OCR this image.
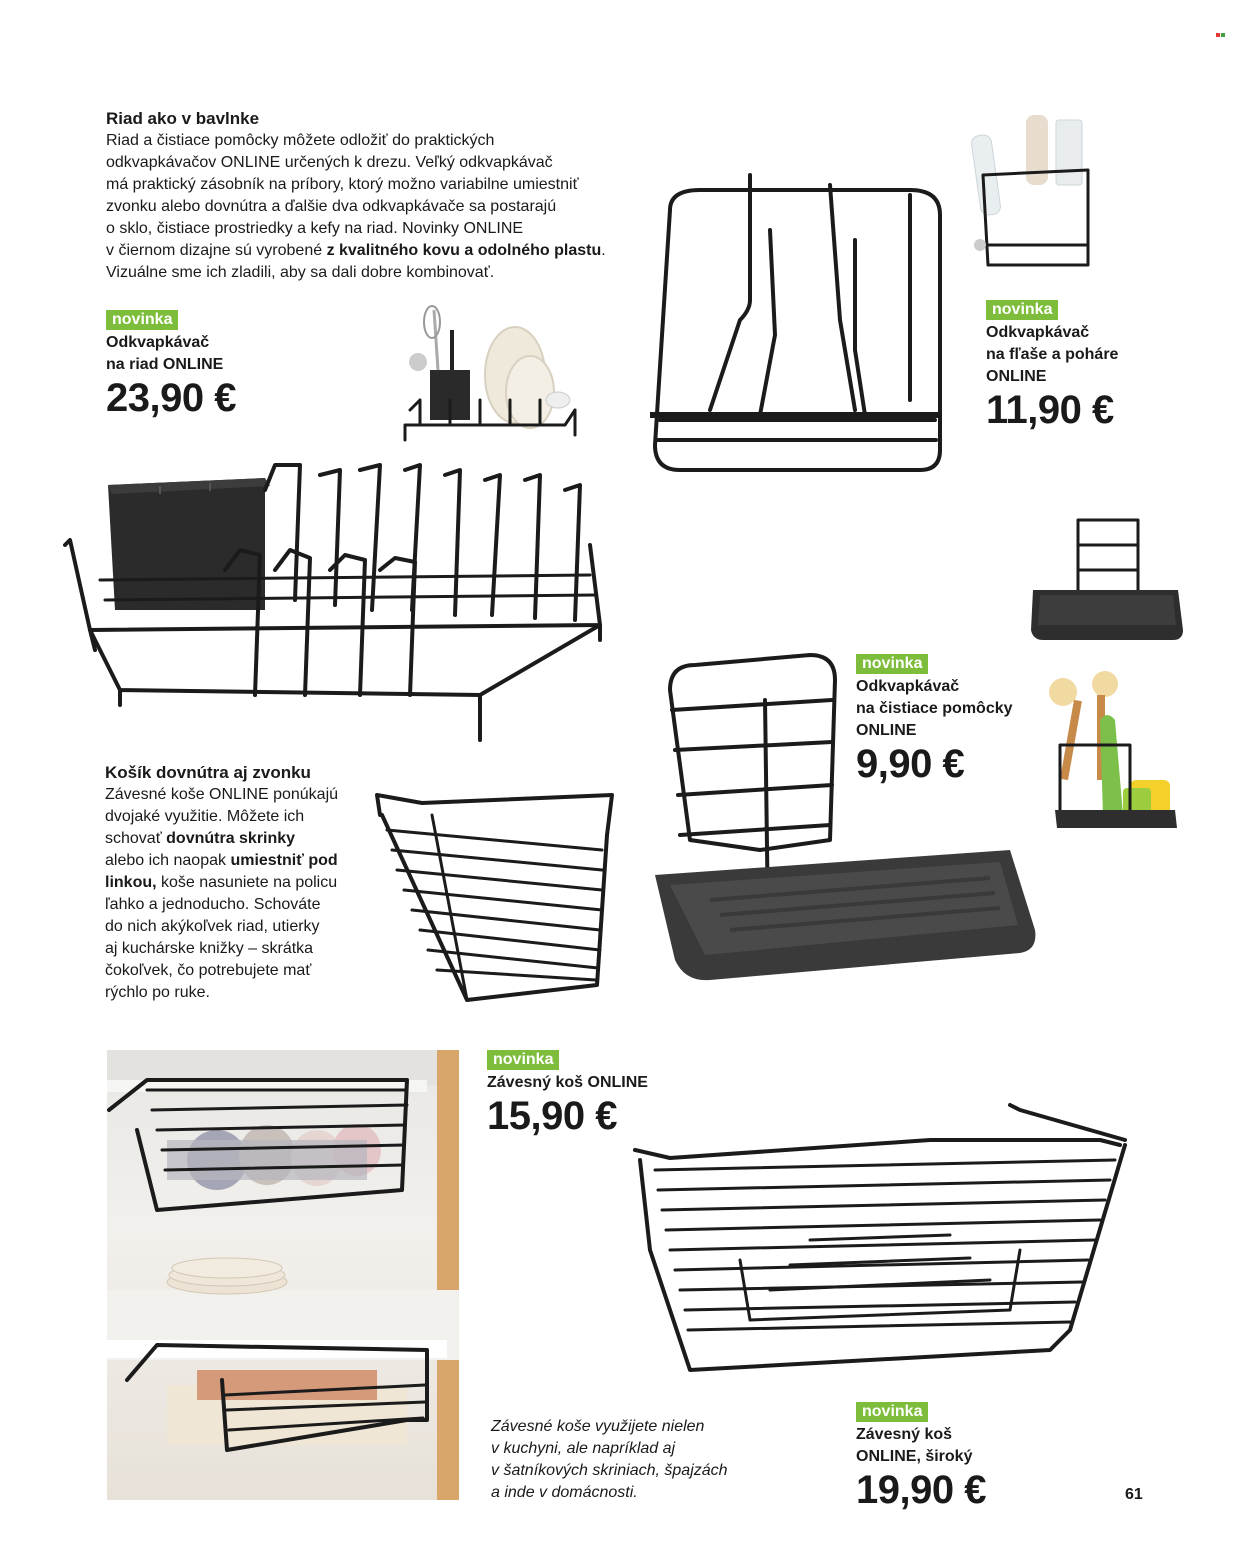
Riad ako v bavlnke
Riad a čistiace pomôcky môžete odložiť do praktických
odkvapkávačov ONLINE určených k drezu. Veľký odkvapkávač
má praktický zásobník na príbory, ktorý možno variabilne umiestniť
zvonku alebo dovnútra a ďalšie dva odkvapkávače sa postarajú
o sklo, čistiace prostriedky a kefy na riad. Novinky ONLINE
v čiernom dizajne sú vyrobené z kvalitného kovu a odolného plastu.
Vizuálne sme ich zladili, aby sa dali dobre kombinovať.
novinka
Odkvapkávač
na riad ONLINE
23,90 €
novinka
Odkvapkávač
na fľaše a poháre
ONLINE
11,90 €
novinka
Odkvapkávač
na čistiace pomôcky
ONLINE
9,90 €
Košík dovnútra aj zvonku
Závesné koše ONLINE ponúkajú
dvojaké využitie. Môžete ich
schovať dovnútra skrinky
alebo ich naopak umiestniť pod
linkou, koše nasuniete na policu
ľahko a jednoducho. Schováte
do nich akýkoľvek riad, utierky
aj kuchárske knižky – skrátka
čokoľvek, čo potrebujete mať
rýchlo po ruke.
novinka
Závesný koš ONLINE
15,90 €
Závesné koše využijete nielen
v kuchyni, ale napríklad aj
v šatníkových skriniach, špajzách
a inde v domácnosti.
novinka
Závesný koš
ONLINE, široký
19,90 €	61
